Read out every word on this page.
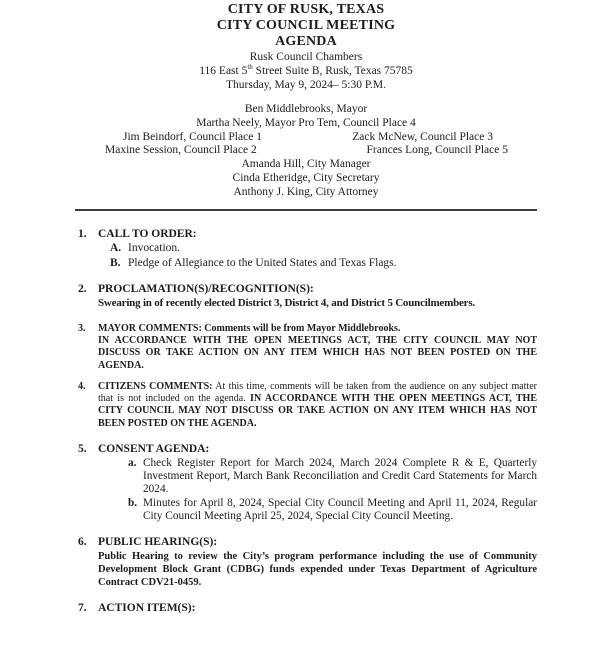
CITY OF RUSK, TEXAS
CITY COUNCIL MEETING
AGENDA
Rusk Council Chambers
116 East 5th Street Suite B, Rusk, Texas 75785
Thursday, May 9, 2024– 5:30 P.M.
Ben Middlebrooks, Mayor
Martha Neely, Mayor Pro Tem, Council Place 4
Jim Beindorf, Council Place 1	Zack McNew, Council Place 3
Maxine Session, Council Place 2	Frances Long, Council Place 5
Amanda Hill, City Manager
Cinda Etheridge, City Secretary
Anthony J. King, City Attorney
1. CALL TO ORDER:
A. Invocation.
B. Pledge of Allegiance to the United States and Texas Flags.
2. PROCLAMATION(S)/RECOGNITION(S):
Swearing in of recently elected District 3, District 4, and District 5 Councilmembers.
3.	MAYOR COMMENTS: Comments will be from Mayor Middlebrooks.
IN ACCORDANCE WITH THE OPEN MEETINGS ACT, THE CITY COUNCIL MAY NOT DISCUSS OR TAKE ACTION ON ANY ITEM WHICH HAS NOT BEEN POSTED ON THE AGENDA.
4.	CITIZENS COMMENTS: At this time, comments will be taken from the audience on any subject matter that is not included on the agenda. IN ACCORDANCE WITH THE OPEN MEETINGS ACT, THE CITY COUNCIL MAY NOT DISCUSS OR TAKE ACTION ON ANY ITEM WHICH HAS NOT BEEN POSTED ON THE AGENDA.
5. CONSENT AGENDA:
a. Check Register Report for March 2024, March 2024 Complete R & E, Quarterly Investment Report, March Bank Reconciliation and Credit Card Statements for March 2024.
b. Minutes for April 8, 2024, Special City Council Meeting and April 11, 2024, Regular City Council Meeting April 25, 2024, Special City Council Meeting.
6. PUBLIC HEARING(S):
Public Hearing to review the City’s program performance including the use of Community Development Block Grant (CDBG) funds expended under Texas Department of Agriculture Contract CDV21-0459.
7. ACTION ITEM(S):
